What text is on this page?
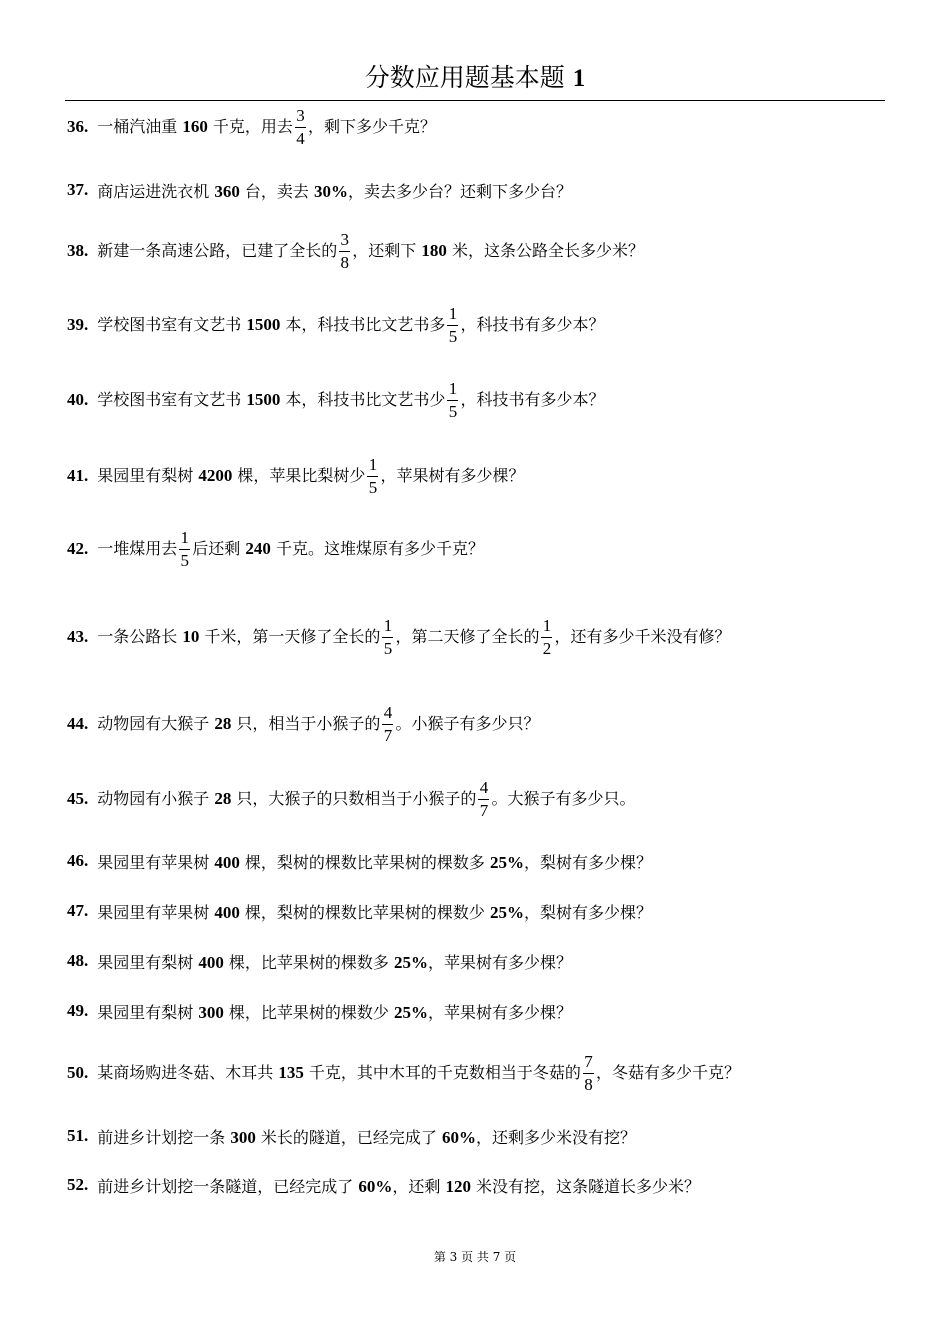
分数应用题基本题 1
36. 一桶汽油重 160 千克，用去 $\frac{3}{4}$ ，剩下多少千克？
37. 商店运进洗衣机 360 台，卖去 30%，卖去多少台？还剩下多少台？
38. 新建一条高速公路，已建了全长的 $\frac{3}{8}$ ，还剩下 180 米，这条公路全长多少米？
39. 学校图书室有文艺书 1500 本，科技书比文艺书多 $\frac{1}{5}$ ，科技书有多少本？
40. 学校图书室有文艺书 1500 本，科技书比文艺书少 $\frac{1}{5}$ ，科技书有多少本？
41. 果园里有梨树 4200 棵，苹果比梨树少 $\frac{1}{5}$ ，苹果树有多少棵？
42. 一堆煤用去 $\frac{1}{5}$ 后还剩 240 千克。这堆煤原有多少千克？
43. 一条公路长 10 千米，第一天修了全长的 $\frac{1}{5}$ ，第二天修了全长的 $\frac{1}{2}$ ，还有多少千米没有修？
44. 动物园有大猴子 28 只，相当于小猴子的 $\frac{4}{7}$ 。小猴子有多少只？
45. 动物园有小猴子 28 只，大猴子的只数相当于小猴子的 $\frac{4}{7}$ 。大猴子有多少只。
46. 果园里有苹果树 400 棵，梨树的棵数比苹果树的棵数多 25%，梨树有多少棵？
47. 果园里有苹果树 400 棵，梨树的棵数比苹果树的棵数少 25%，梨树有多少棵？
48. 果园里有梨树 400 棵，比苹果树的棵数多 25%，苹果树有多少棵？
49. 果园里有梨树 300 棵，比苹果树的棵数少 25%，苹果树有多少棵？
50. 某商场购进冬菇、木耳共 135 千克，其中木耳的千克数相当于冬菇的 $\frac{7}{8}$ ，冬菇有多少千克？
51. 前进乡计划挖一条 300 米长的隧道，已经完成了 60%，还剩多少米没有挖？
52. 前进乡计划挖一条隧道，已经完成了 60%，还剩 120 米没有挖，这条隧道长多少米？
第 3 页 共 7 页
